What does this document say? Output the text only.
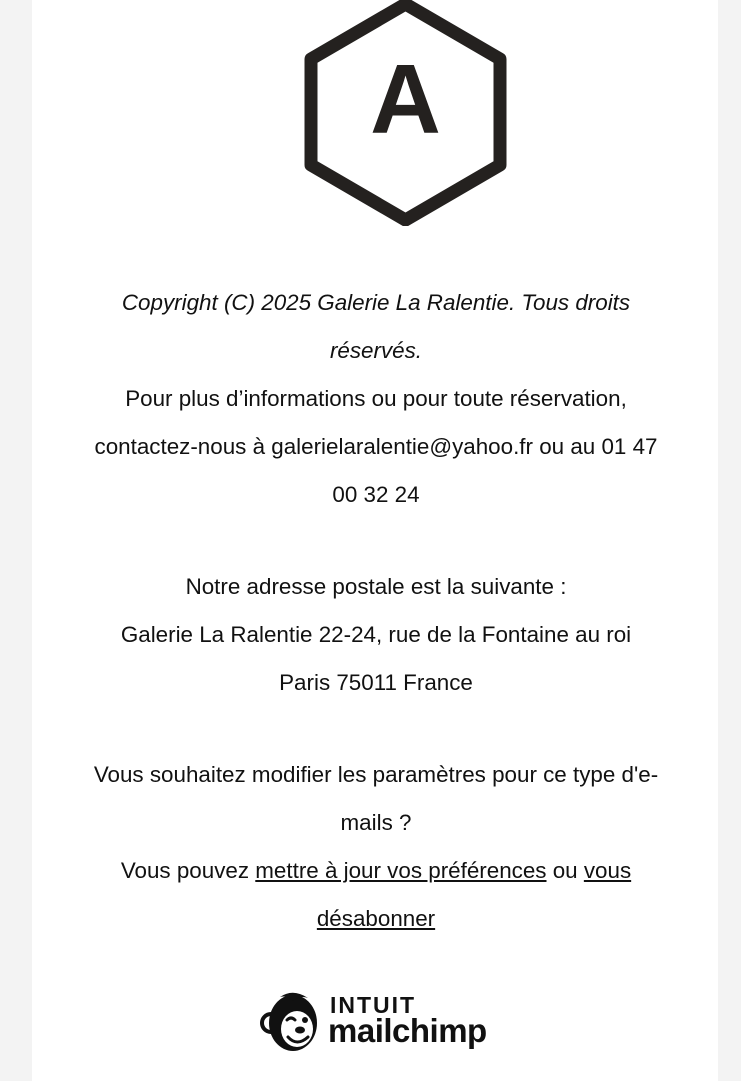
A

Copyright (C) 2025 Galerie La Ralentie. Tous droits réservés.

Pour plus d’informations ou pour toute réservation, contactez-nous à galerielaralentie@yahoo.fr ou au 01 47 00 32 24

Notre adresse postale est la suivante :

Galerie La Ralentie 22-24, rue de la Fontaine au roi

Paris 75011 France

Vous souhaitez modifier les paramètres pour ce type d'e-mails ?

Vous pouvez mettre à jour vos préférences ou vous désabonner

INTUIT
mailchimp
